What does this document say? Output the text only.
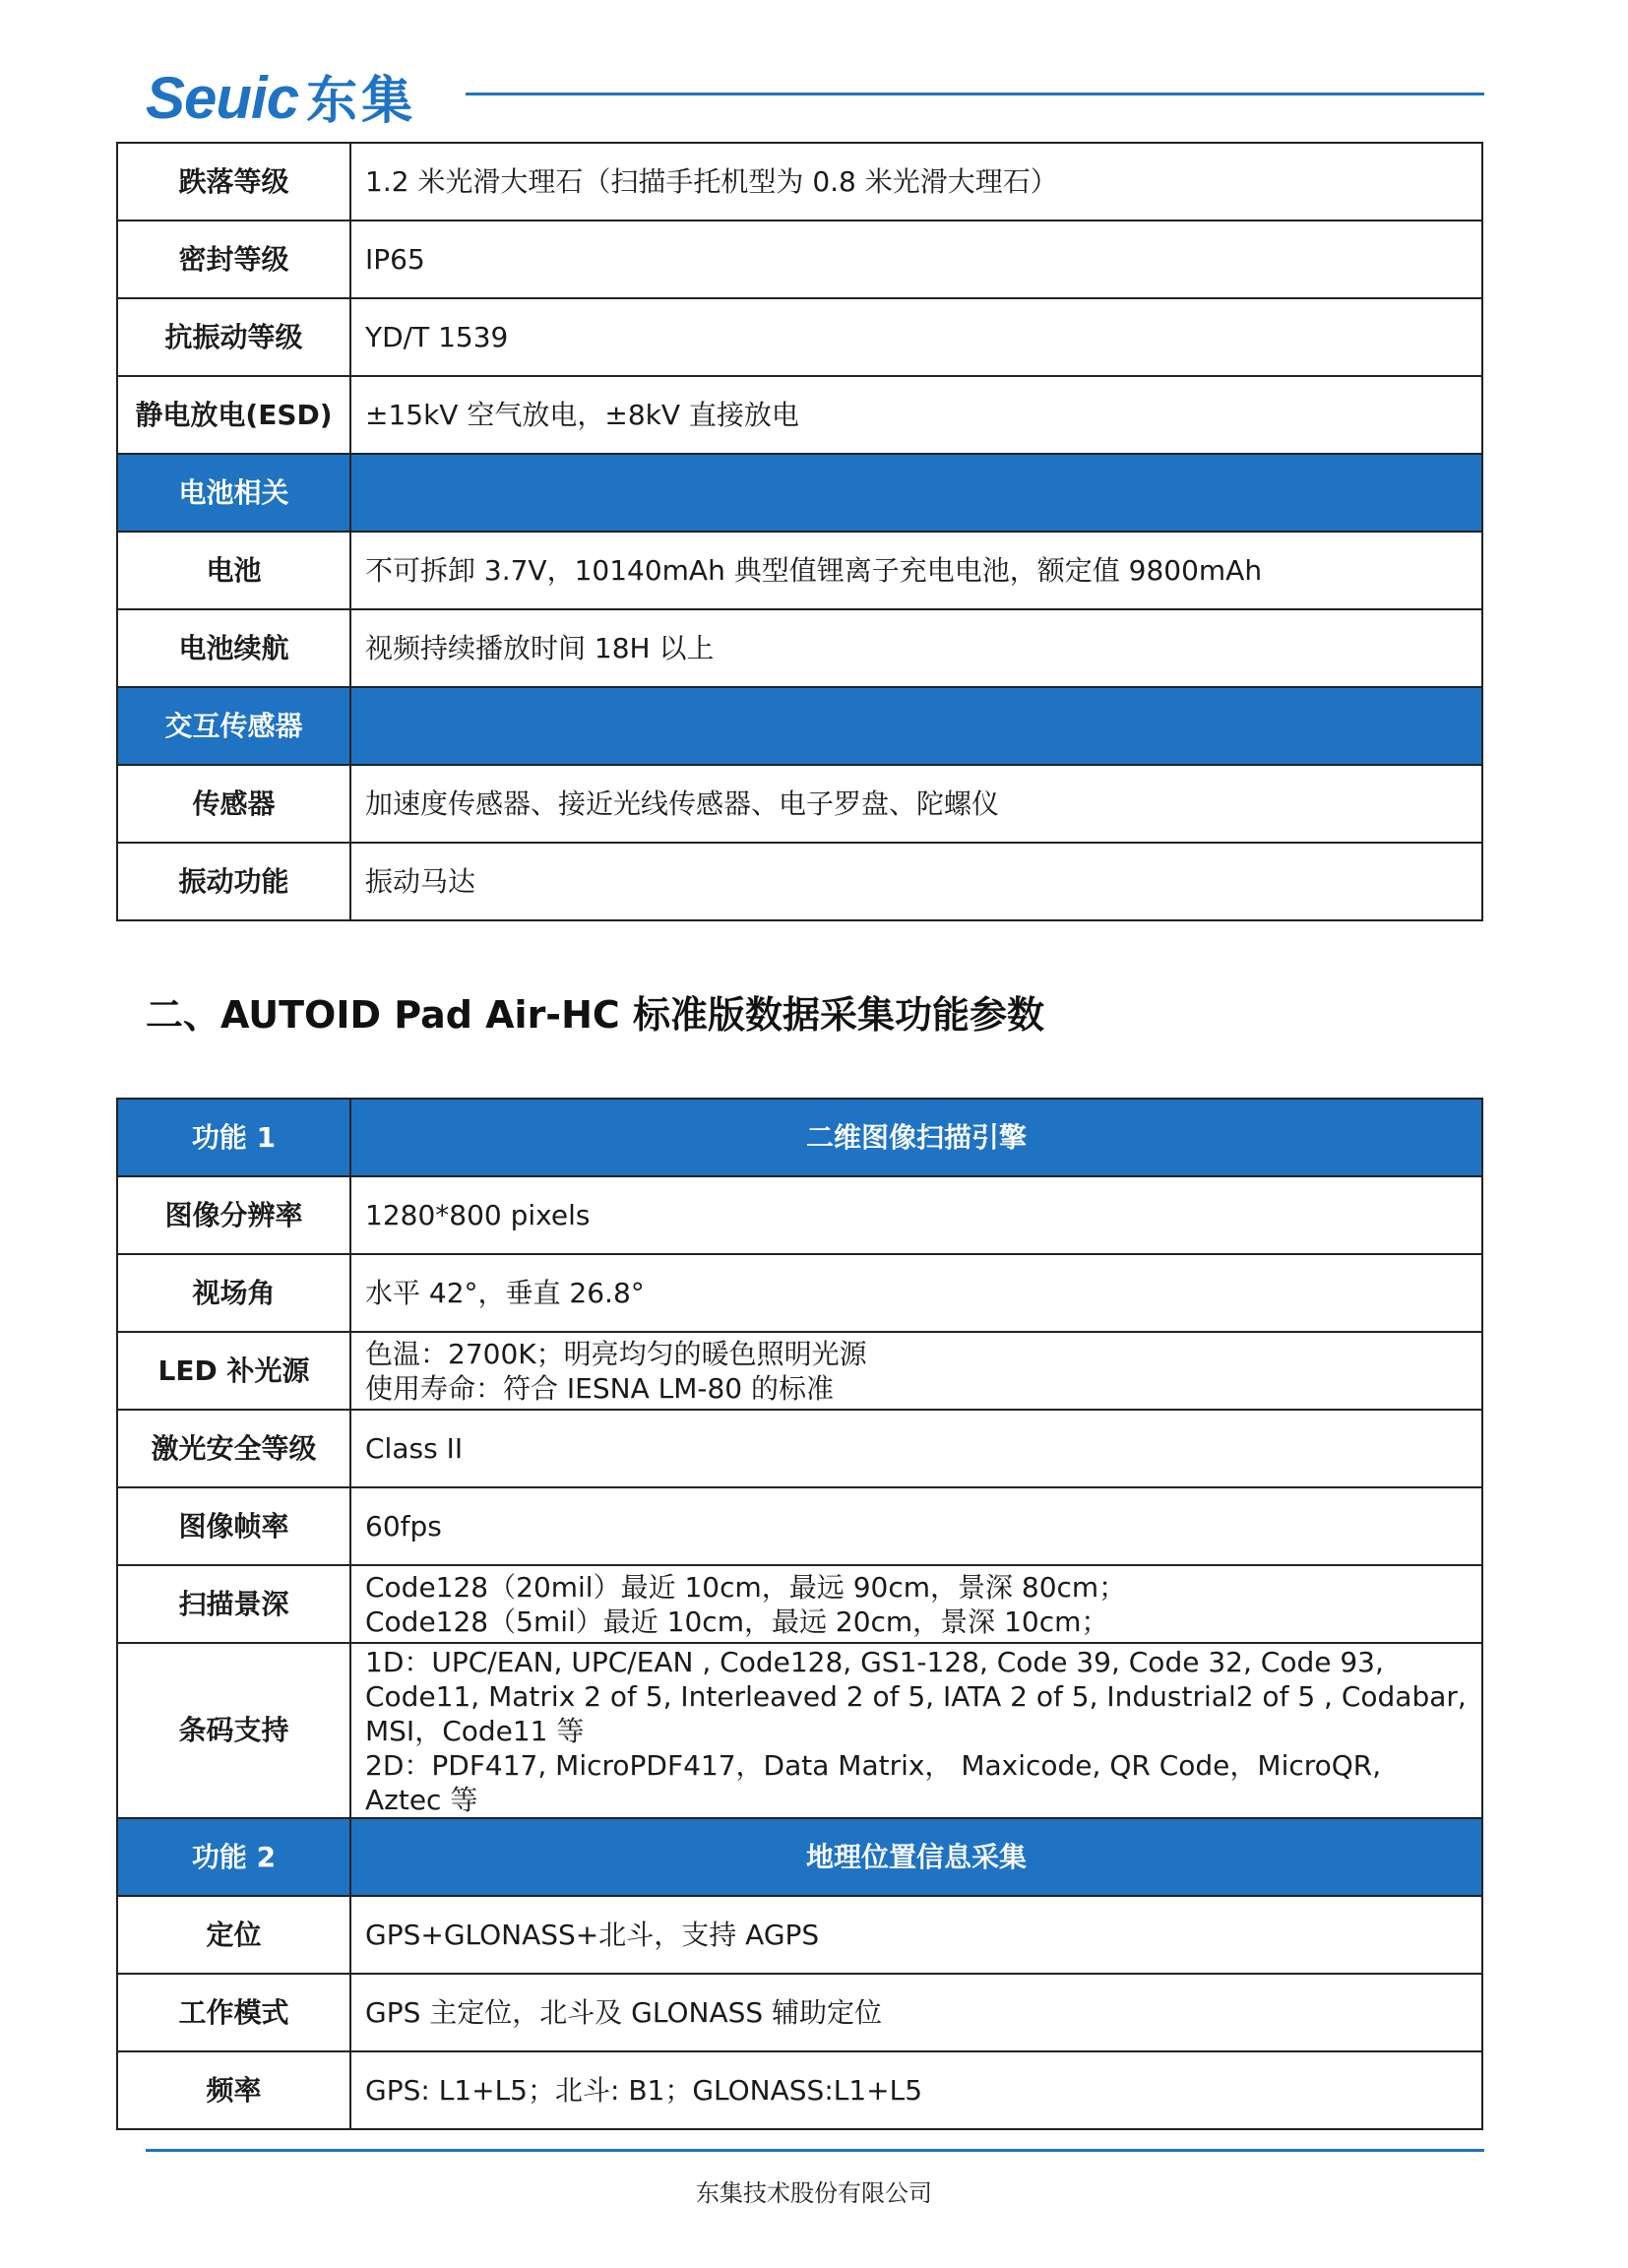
Seuic 东集
跌落等级	1.2 米光滑大理石（扫描手托机型为 0.8 米光滑大理石）

密封等级	IP65

抗振动等级	YD/T 1539

静电放电(ESD)	±15kV 空气放电，±8kV 直接放电

电池相关	

电池	不可拆卸 3.7V，10140mAh 典型值锂离子充电电池，额定值 9800mAh

电池续航	视频持续播放时间 18H 以上

交互传感器	

传感器	加速度传感器、接近光线传感器、电子罗盘、陀螺仪

振动功能	振动马达
二、AUTOID Pad Air-HC 标准版数据采集功能参数
功能 1	二维图像扫描引擎

图像分辨率	1280*800 pixels

视场角	水平 42°，垂直 26.8°

LED 补光源	色温：2700K；明亮均匀的暖色照明光源
使用寿命：符合 IESNA LM-80 的标准

激光安全等级	Class II

图像帧率	60fps

扫描景深	Code128（20mil）最近 10cm，最远 90cm，景深 80cm；
Code128（5mil）最近 10cm，最远 20cm，景深 10cm；

条码支持	1D：UPC/EAN, UPC/EAN , Code128, GS1-128, Code 39, Code 32, Code 93,
Code11, Matrix 2 of 5, Interleaved 2 of 5, IATA 2 of 5, Industrial2 of 5 , Codabar,
MSI，Code11 等
2D：PDF417, MicroPDF417，Data Matrix， Maxicode, QR Code，MicroQR,
Aztec 等

功能 2	地理位置信息采集

定位	GPS+GLONASS+北斗，支持 AGPS

工作模式	GPS 主定位，北斗及 GLONASS 辅助定位

频率	GPS: L1+L5；北斗: B1；GLONASS:L1+L5
东集技术股份有限公司
